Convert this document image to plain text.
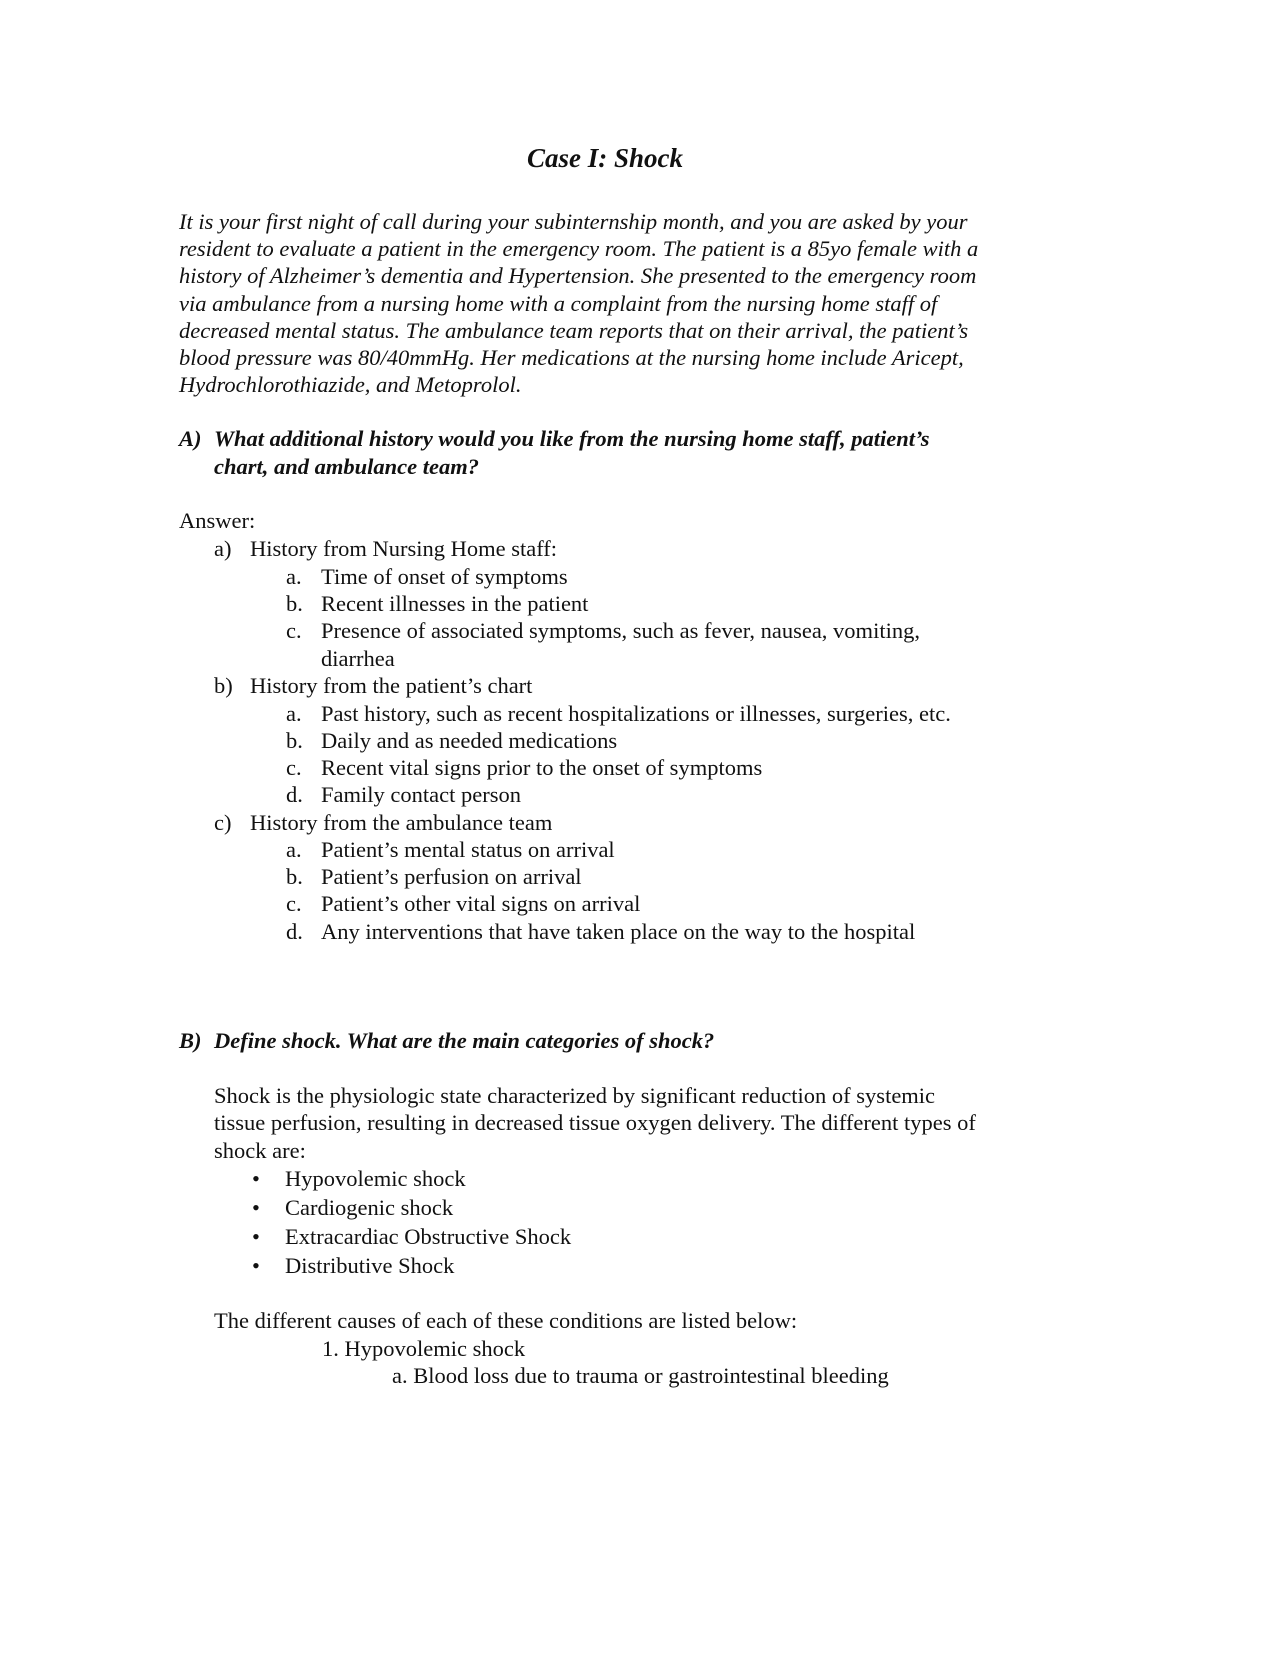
Case I: Shock
It is your first night of call during your subinternship month, and you are asked by your
resident to evaluate a patient in the emergency room. The patient is a 85yo female with a
history of Alzheimer’s dementia and Hypertension. She presented to the emergency room
via ambulance from a nursing home with a complaint from the nursing home staff of
decreased mental status. The ambulance team reports that on their arrival, the patient’s
blood pressure was 80/40mmHg. Her medications at the nursing home include Aricept,
Hydrochlorothiazide, and Metoprolol.
A) What additional history would you like from the nursing home staff, patient’s
chart, and ambulance team?
Answer:
a) History from Nursing Home staff:
a. Time of onset of symptoms
b. Recent illnesses in the patient
c. Presence of associated symptoms, such as fever, nausea, vomiting,
diarrhea
b) History from the patient’s chart
a. Past history, such as recent hospitalizations or illnesses, surgeries, etc.
b. Daily and as needed medications
c. Recent vital signs prior to the onset of symptoms
d. Family contact person
c) History from the ambulance team
a. Patient’s mental status on arrival
b. Patient’s perfusion on arrival
c. Patient’s other vital signs on arrival
d. Any interventions that have taken place on the way to the hospital
B) Define shock. What are the main categories of shock?
Shock is the physiologic state characterized by significant reduction of systemic
tissue perfusion, resulting in decreased tissue oxygen delivery. The different types of
shock are:
• Hypovolemic shock
• Cardiogenic shock
• Extracardiac Obstructive Shock
• Distributive Shock
The different causes of each of these conditions are listed below:
1. Hypovolemic shock
a. Blood loss due to trauma or gastrointestinal bleeding
